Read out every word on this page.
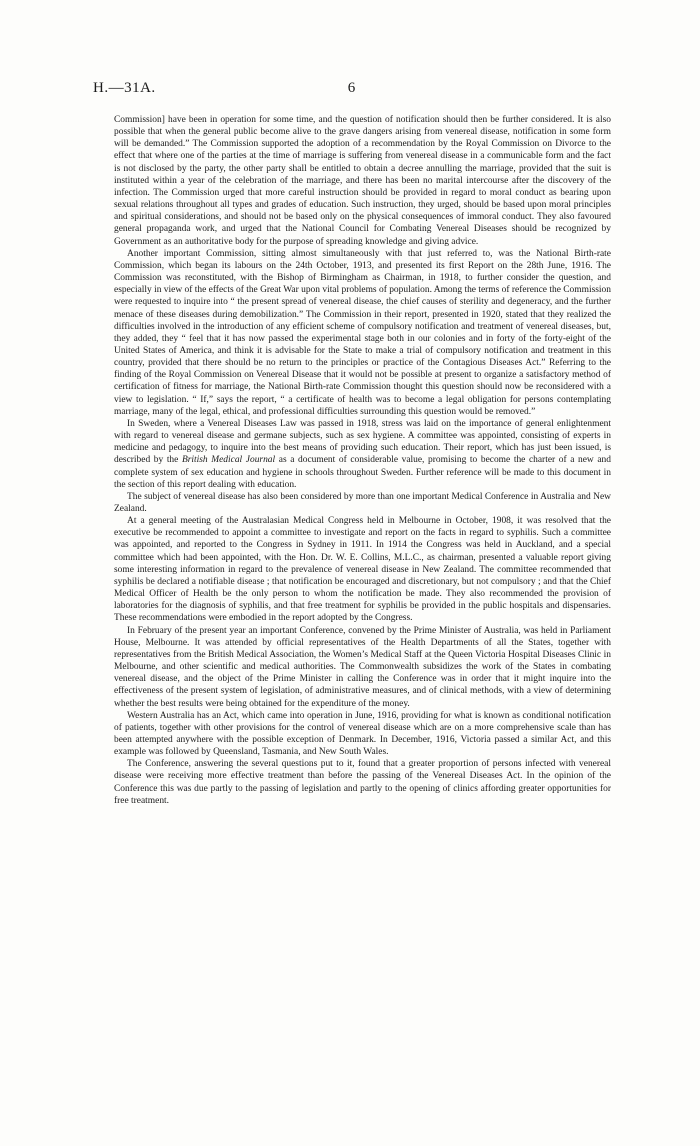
H.—31A.	6

Commission] have been in operation for some time, and the question of notification should then be further considered. It is also possible that when the general public become alive to the grave dangers arising from venereal disease, notification in some form will be demanded.” The Commission supported the adoption of a recommendation by the Royal Commission on Divorce to the effect that where one of the parties at the time of marriage is suffering from venereal disease in a communicable form and the fact is not disclosed by the party, the other party shall be entitled to obtain a decree annulling the marriage, provided that the suit is instituted within a year of the celebration of the marriage, and there has been no marital intercourse after the discovery of the infection. The Commission urged that more careful instruction should be provided in regard to moral conduct as bearing upon sexual relations throughout all types and grades of education. Such instruction, they urged, should be based upon moral principles and spiritual considerations, and should not be based only on the physical consequences of immoral conduct. They also favoured general propaganda work, and urged that the National Council for Combating Venereal Diseases should be recognized by Government as an authoritative body for the purpose of spreading knowledge and giving advice.

Another important Commission, sitting almost simultaneously with that just referred to, was the National Birth-rate Commission, which began its labours on the 24th October, 1913, and presented its first Report on the 28th June, 1916. The Commission was reconstituted, with the Bishop of Birmingham as Chairman, in 1918, to further consider the question, and especially in view of the effects of the Great War upon vital problems of population. Among the terms of reference the Commission were requested to inquire into “ the present spread of venereal disease, the chief causes of sterility and degeneracy, and the further menace of these diseases during demobilization.” The Commission in their report, presented in 1920, stated that they realized the difficulties involved in the introduction of any efficient scheme of compulsory notification and treatment of venereal diseases, but, they added, they “ feel that it has now passed the experimental stage both in our colonies and in forty of the forty-eight of the United States of America, and think it is advisable for the State to make a trial of compulsory notification and treatment in this country, provided that there should be no return to the principles or practice of the Contagious Diseases Act.” Referring to the finding of the Royal Commission on Venereal Disease that it would not be possible at present to organize a satisfactory method of certification of fitness for marriage, the National Birth-rate Commission thought this question should now be reconsidered with a view to legislation. “ If,” says the report, “ a certificate of health was to become a legal obligation for persons contemplating marriage, many of the legal, ethical, and professional difficulties surrounding this question would be removed.”

In Sweden, where a Venereal Diseases Law was passed in 1918, stress was laid on the importance of general enlightenment with regard to venereal disease and germane subjects, such as sex hygiene. A committee was appointed, consisting of experts in medicine and pedagogy, to inquire into the best means of providing such education. Their report, which has just been issued, is described by the British Medical Journal as a document of considerable value, promising to become the charter of a new and complete system of sex education and hygiene in schools throughout Sweden. Further reference will be made to this document in the section of this report dealing with education.

The subject of venereal disease has also been considered by more than one important Medical Conference in Australia and New Zealand.

At a general meeting of the Australasian Medical Congress held in Melbourne in October, 1908, it was resolved that the executive be recommended to appoint a committee to investigate and report on the facts in regard to syphilis. Such a committee was appointed, and reported to the Congress in Sydney in 1911. In 1914 the Congress was held in Auckland, and a special committee which had been appointed, with the Hon. Dr. W. E. Collins, M.L.C., as chairman, presented a valuable report giving some interesting information in regard to the prevalence of venereal disease in New Zealand. The committee recommended that syphilis be declared a notifiable disease ; that notification be encouraged and discretionary, but not compulsory ; and that the Chief Medical Officer of Health be the only person to whom the notification be made. They also recommended the provision of laboratories for the diagnosis of syphilis, and that free treatment for syphilis be provided in the public hospitals and dispensaries. These recommendations were embodied in the report adopted by the Congress.

In February of the present year an important Conference, convened by the Prime Minister of Australia, was held in Parliament House, Melbourne. It was attended by official representatives of the Health Departments of all the States, together with representatives from the British Medical Association, the Women’s Medical Staff at the Queen Victoria Hospital Diseases Clinic in Melbourne, and other scientific and medical authorities. The Commonwealth subsidizes the work of the States in combating venereal disease, and the object of the Prime Minister in calling the Conference was in order that it might inquire into the effectiveness of the present system of legislation, of administrative measures, and of clinical methods, with a view of determining whether the best results were being obtained for the expenditure of the money.

Western Australia has an Act, which came into operation in June, 1916, providing for what is known as conditional notification of patients, together with other provisions for the control of venereal disease which are on a more comprehensive scale than has been attempted anywhere with the possible exception of Denmark. In December, 1916, Victoria passed a similar Act, and this example was followed by Queensland, Tasmania, and New South Wales.

The Conference, answering the several questions put to it, found that a greater proportion of persons infected with venereal disease were receiving more effective treatment than before the passing of the Venereal Diseases Act. In the opinion of the Conference this was due partly to the passing of legislation and partly to the opening of clinics affording greater opportunities for free treatment.
